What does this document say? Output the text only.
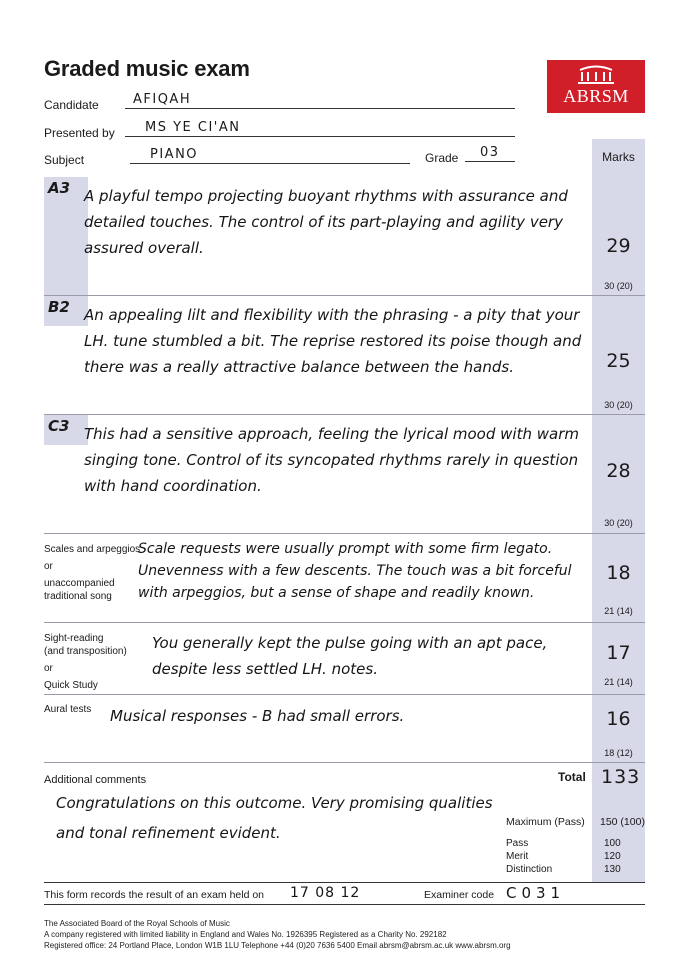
Graded music exam
ABRSM
Candidate	AFIQAH
Presented by MS YE CI'AN
Subject	PIANO	Grade 03	Marks
A3 A playful tempo projecting buoyant rhythms with assurance and detailed touches. The control of its part-playing and agility very assured overall.	29
30 (20)
B2 An appealing lilt and flexibility with the phrasing - a pity that your LH. tune stumbled a bit. The reprise restored its poise though and there was a really attractive balance between the hands.	25
30 (20)
C3 This had a sensitive approach, feeling the lyrical mood with warm singing tone. Control of its syncopated rhythms rarely in question with hand coordination.
28
30 (20)
Scales and arpeggios
or
unaccompanied
traditional song
Scale requests were usually prompt with some firm legato. Unevenness with a few descents. The touch was a bit forceful with arpeggios, but a sense of shape and readily known.
18
21 (14)
Sight-reading
(and transposition)
or
Quick Study
You generally kept the pulse going with an apt pace, despite less settled LH. notes.
17
21 (14)
Aural tests Musical responses - B had small errors.	16
18 (12)
Additional comments
Congratulations on this outcome. Very promising qualities and tonal refinement evident.
Total 133
Maximum (Pass) 150 (100)
Pass	100
Merit	120
Distinction	130
This form records the result of an exam held on 17 08 12	Examiner code C031
The Associated Board of the Royal Schools of Music
A company registered with limited liability in England and Wales No. 1926395 Registered as a Charity No. 292182
Registered office: 24 Portland Place, London W1B 1LU Telephone +44 (0)20 7636 5400 Email abrsm@abrsm.ac.uk www.abrsm.org
